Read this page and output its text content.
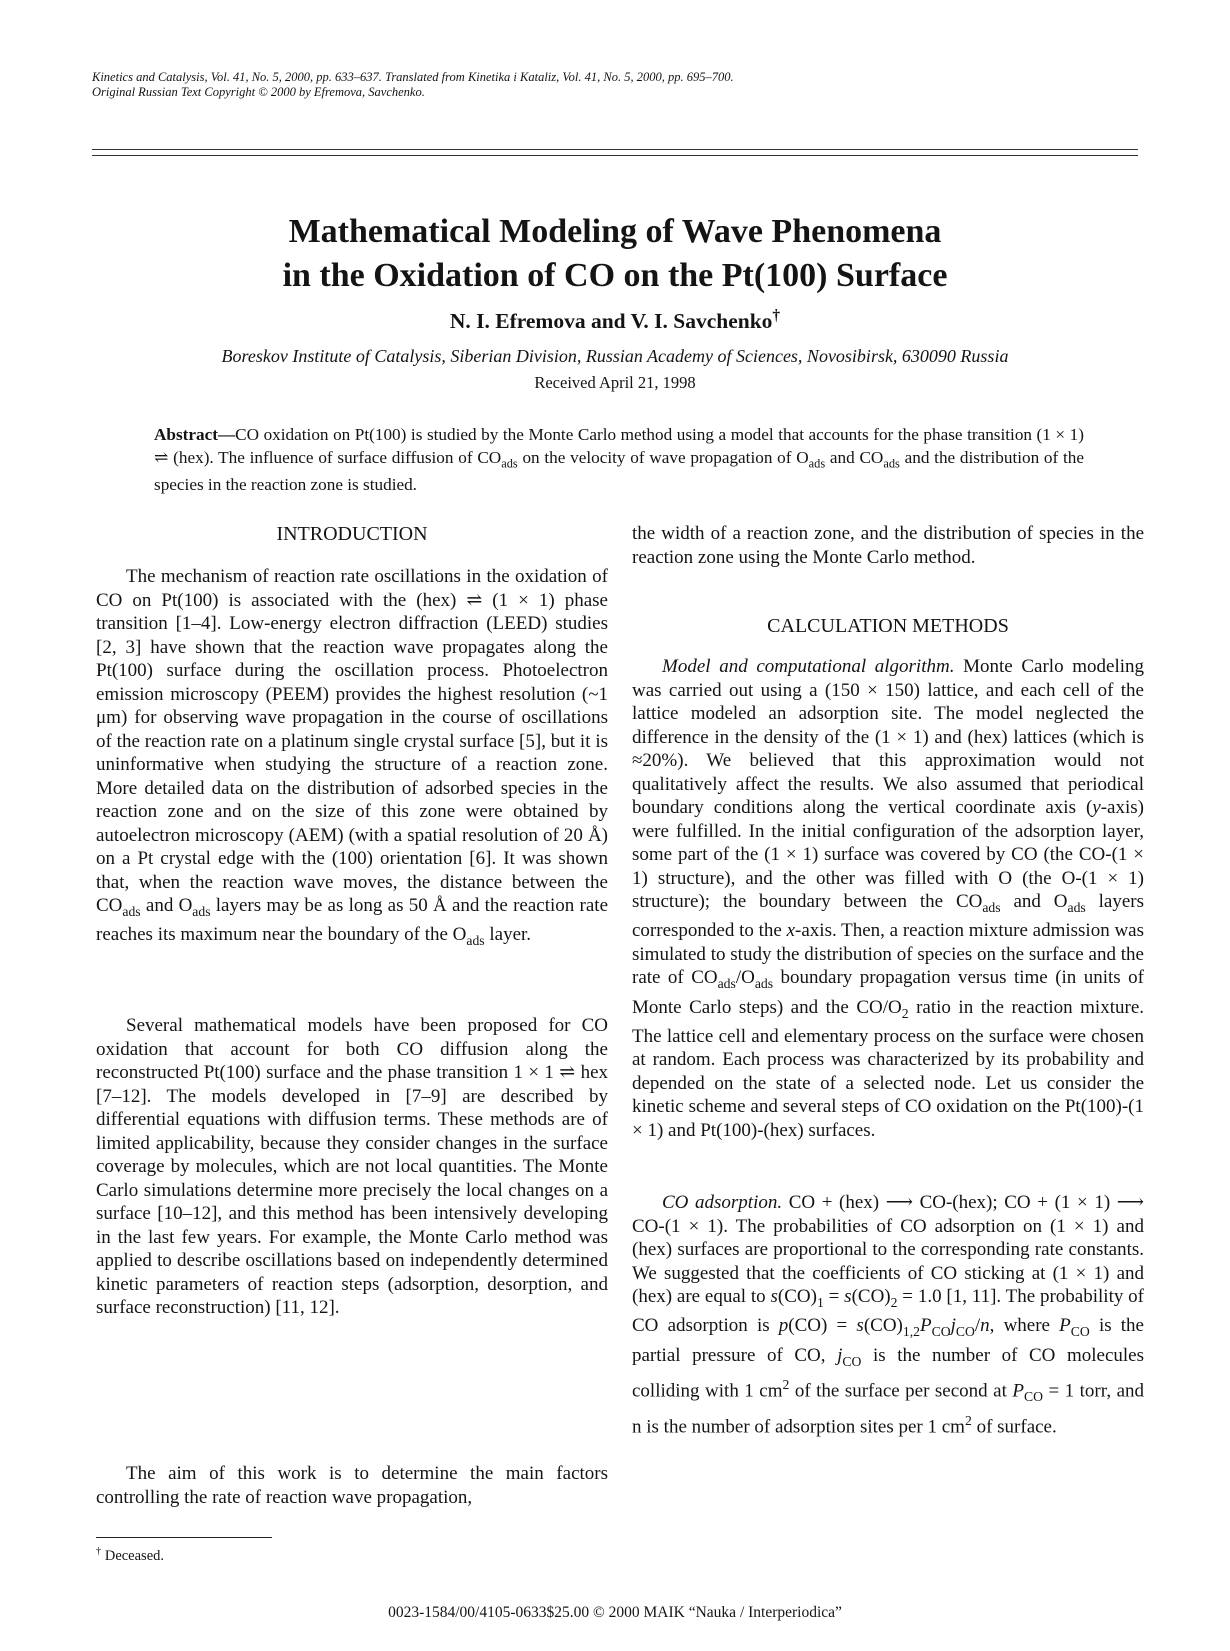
Kinetics and Catalysis, Vol. 41, No. 5, 2000, pp. 633–637. Translated from Kinetika i Kataliz, Vol. 41, No. 5, 2000, pp. 695–700.
Original Russian Text Copyright © 2000 by Efremova, Savchenko.
Mathematical Modeling of Wave Phenomena
in the Oxidation of CO on the Pt(100) Surface
N. I. Efremova and V. I. Savchenko†
Boreskov Institute of Catalysis, Siberian Division, Russian Academy of Sciences, Novosibirsk, 630090 Russia
Received April 21, 1998

Abstract—CO oxidation on Pt(100) is studied by the Monte Carlo method using a model that accounts for the phase transition (1 × 1) ⇌ (hex). The influence of surface diffusion of $CO_{ads}$ on the velocity of wave propagation of $O_{ads}$ and $CO_{ads}$ and the distribution of the species in the reaction zone is studied.

INTRODUCTION

The mechanism of reaction rate oscillations in the oxidation of CO on Pt(100) is associated with the (hex) ⇌ (1 × 1) phase transition [1–4]. Low-energy electron diffraction (LEED) studies [2, 3] have shown that the reaction wave propagates along the Pt(100) surface during the oscillation process. Photoelectron emission microscopy (PEEM) provides the highest resolution (~1 μm) for observing wave propagation in the course of oscillations of the reaction rate on a platinum single crystal surface [5], but it is uninformative when studying the structure of a reaction zone. More detailed data on the distribution of adsorbed species in the reaction zone and on the size of this zone were obtained by autoelectron microscopy (AEM) (with a spatial resolution of 20 Å) on a Pt crystal edge with the (100) orientation [6]. It was shown that, when the reaction wave moves, the distance between the $CO_{ads}$ and $O_{ads}$ layers may be as long as 50 Å and the reaction rate reaches its maximum near the boundary of the $O_{ads}$ layer.

Several mathematical models have been proposed for CO oxidation that account for both CO diffusion along the reconstructed Pt(100) surface and the phase transition 1 × 1 ⇌ hex [7–12]. The models developed in [7–9] are described by differential equations with diffusion terms. These methods are of limited applicability, because they consider changes in the surface coverage by molecules, which are not local quantities. The Monte Carlo simulations determine more precisely the local changes on a surface [10–12], and this method has been intensively developing in the last few years. For example, the Monte Carlo method was applied to describe oscillations based on independently determined kinetic parameters of reaction steps (adsorption, desorption, and surface reconstruction) [11, 12].

The aim of this work is to determine the main factors controlling the rate of reaction wave propagation,

the width of a reaction zone, and the distribution of species in the reaction zone using the Monte Carlo method.

CALCULATION METHODS

Model and computational algorithm. Monte Carlo modeling was carried out using a (150 × 150) lattice, and each cell of the lattice modeled an adsorption site. The model neglected the difference in the density of the (1 × 1) and (hex) lattices (which is ≈20%). We believed that this approximation would not qualitatively affect the results. We also assumed that periodical boundary conditions along the vertical coordinate axis (y-axis) were fulfilled. In the initial configuration of the adsorption layer, some part of the (1 × 1) surface was covered by CO (the CO-(1 × 1) structure), and the other was filled with O (the O-(1 × 1) structure); the boundary between the $CO_{ads}$ and $O_{ads}$ layers corresponded to the x-axis. Then, a reaction mixture admission was simulated to study the distribution of species on the surface and the rate of $CO_{ads}/O_{ads}$ boundary propagation versus time (in units of Monte Carlo steps) and the $CO/O_2$ ratio in the reaction mixture. The lattice cell and elementary process on the surface were chosen at random. Each process was characterized by its probability and depended on the state of a selected node. Let us consider the kinetic scheme and several steps of CO oxidation on the Pt(100)-(1 × 1) and Pt(100)-(hex) surfaces.

CO adsorption. CO + (hex) ⟶ CO-(hex); CO + (1 × 1) ⟶ CO-(1 × 1). The probabilities of CO adsorption on (1 × 1) and (hex) surfaces are proportional to the corresponding rate constants. We suggested that the coefficients of CO sticking at (1 × 1) and (hex) are equal to $s(CO)_1 = s(CO)_2 = 1.0$ [1, 11]. The probability of CO adsorption is $p(CO) = s(CO)_{1,2}P_{CO}j_{CO}/n$, where $P_{CO}$ is the partial pressure of CO, $j_{CO}$ is the number of CO molecules colliding with 1 $cm^2$ of the surface per second at $P_{CO} = 1$ torr, and n is the number of adsorption sites per 1 $cm^2$ of surface.

† Deceased.
0023-1584/00/4105-0633$25.00 © 2000 MAIK “Nauka / Interperiodica”
